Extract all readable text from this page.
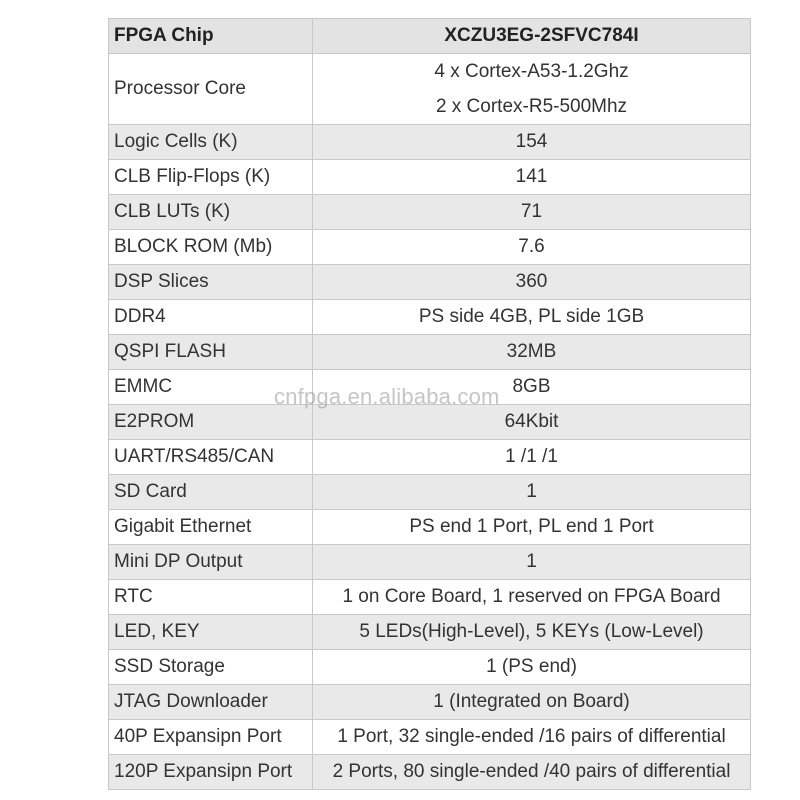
FPGA Chip	XCZU3EG-2SFVC784I
Processor Core	4 x Cortex-A53-1.2Ghz
2 x Cortex-R5-500Mhz

Logic Cells (K)	154
CLB Flip-Flops (K)	141
CLB LUTs (K)	71
BLOCK ROM (Mb)	7.6
DSP Slices	360
DDR4	PS side 4GB, PL side 1GB
QSPI FLASH	32MB
EMMC	8GB
E2PROM	64Kbit
UART/RS485/CAN	1 /1 /1
SD Card	1
Gigabit Ethernet	PS end 1 Port, PL end 1 Port
Mini DP Output	1
RTC	1 on Core Board, 1 reserved on FPGA Board
LED, KEY	5 LEDs(High-Level), 5 KEYs (Low-Level)
SSD Storage	1 (PS end)
JTAG Downloader	1 (Integrated on Board)
40P Expansipn Port	1 Port, 32 single-ended /16 pairs of differential
120P Expansipn Port	2 Ports, 80 single-ended /40 pairs of differential
cnfpga.en.alibaba.com
